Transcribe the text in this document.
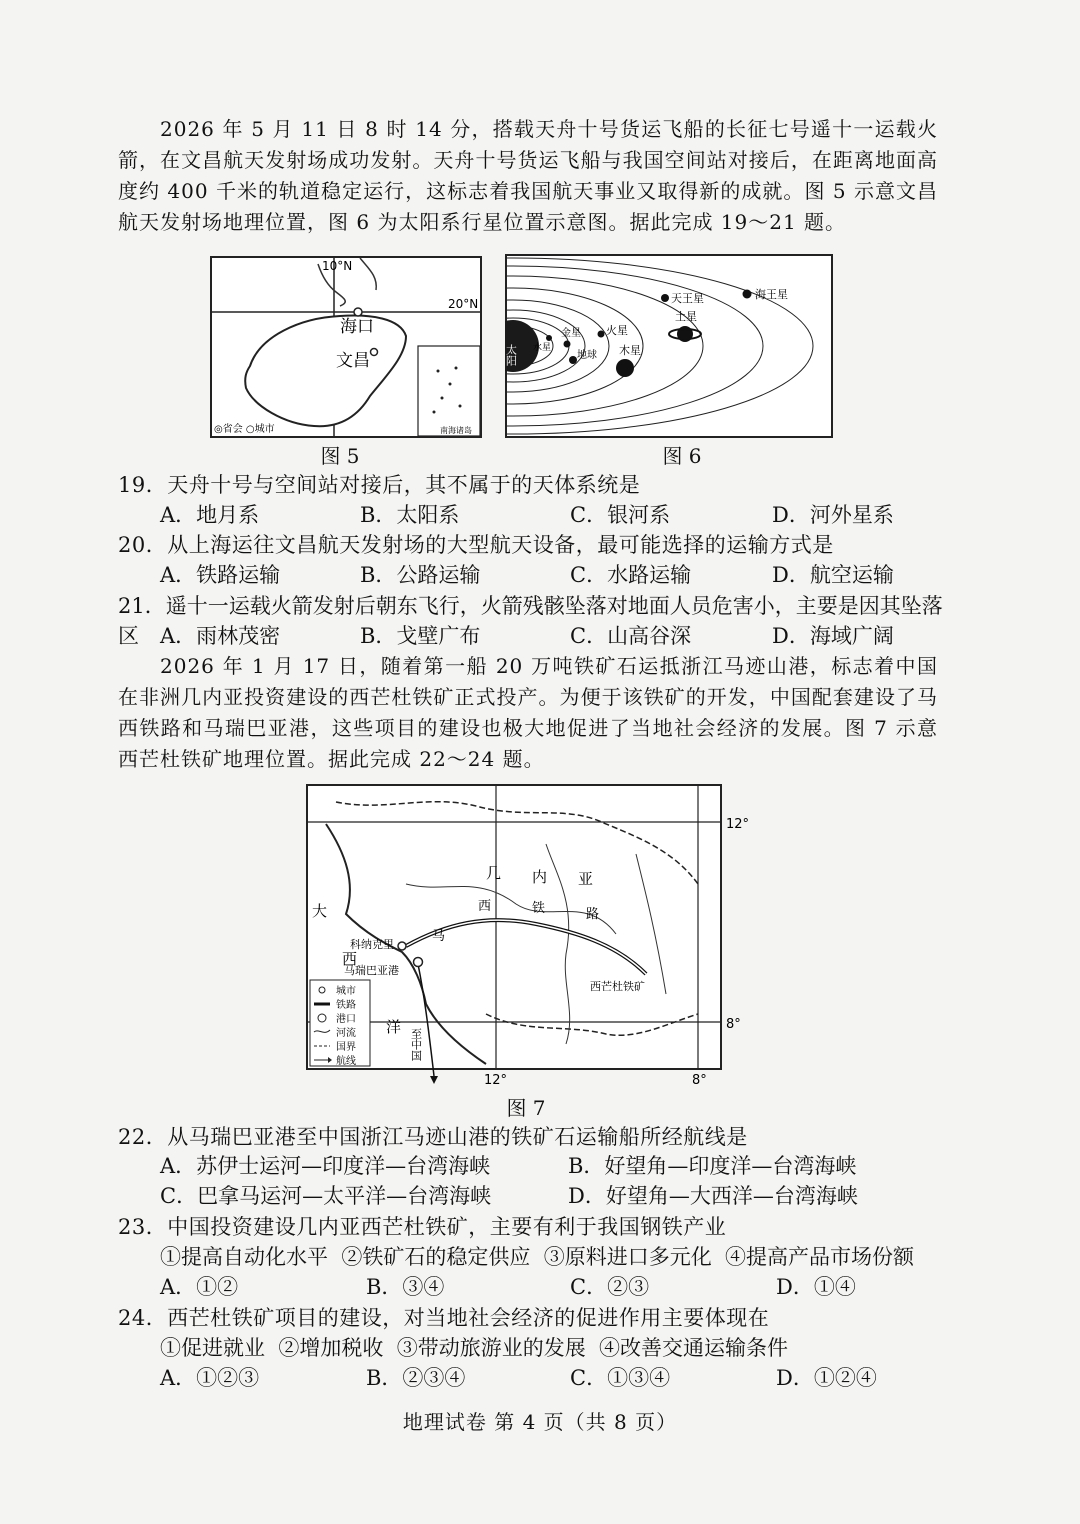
2026 年 5 月 11 日 8 时 14 分，搭载天舟十号货运飞船的长征七号遥十一运载火箭，在文昌航天发射场成功发射。天舟十号货运飞船与我国空间站对接后，在距离地面高度约 400 千米的轨道稳定运行，这标志着我国航天事业又取得新的成就。图 5 示意文昌航天发射场地理位置，图 6 为太阳系行星位置示意图。据此完成 19～21 题。

10°N
20°N
海口
文昌
◎省会 ○城市	南海诸岛
图 5
太阳 水星
金星
地球
火星
木星
土星
天王星	海王星
图 6
19．天舟十号与空间站对接后，其不属于的天体系统是
A．地月系	B．太阳系	C．银河系	D．河外星系
20．从上海运往文昌航天发射场的大型航天设备，最可能选择的运输方式是
A．铁路运输	B．公路运输	C．水路运输	D．航空运输
21．遥十一运载火箭发射后朝东飞行，火箭残骸坠落对地面人员危害小，主要是因其坠落区	A．雨林茂密	B．戈壁广布	C．山高谷深	D．海域广阔

2026 年 1 月 17 日，随着第一船 20 万吨铁矿石运抵浙江马迹山港，标志着中国在非洲几内亚投资建设的西芒杜铁矿正式投产。为便于该铁矿的开发，中国配套建设了马西铁路和马瑞巴亚港，这些项目的建设也极大地促进了当地社会经济的发展。图 7 示意西芒杜铁矿地理位置。据此完成 22～24 题。

12°
8°
12°	8°
几 内 亚
马
西	铁	路
大
西
洋
科纳克里
马瑞巴亚港
西芒杜铁矿
至中国
城市
铁路
港口
河流
国界
航线
图 7
22．从马瑞巴亚港至中国浙江马迹山港的铁矿石运输船所经航线是
A．苏伊士运河—印度洋—台湾海峡	B．好望角—印度洋—台湾海峡
C．巴拿马运河—太平洋—台湾海峡	D．好望角—大西洋—台湾海峡
23．中国投资建设几内亚西芒杜铁矿，主要有利于我国钢铁产业
①提高自动化水平  ②铁矿石的稳定供应  ③原料进口多元化  ④提高产品市场份额
A．①②	B．③④	C．②③	D．①④
24．西芒杜铁矿项目的建设，对当地社会经济的促进作用主要体现在
①促进就业  ②增加税收  ③带动旅游业的发展  ④改善交通运输条件
A．①②③	B．②③④	C．①③④	D．①②④
地理试卷 第 4 页（共 8 页）
